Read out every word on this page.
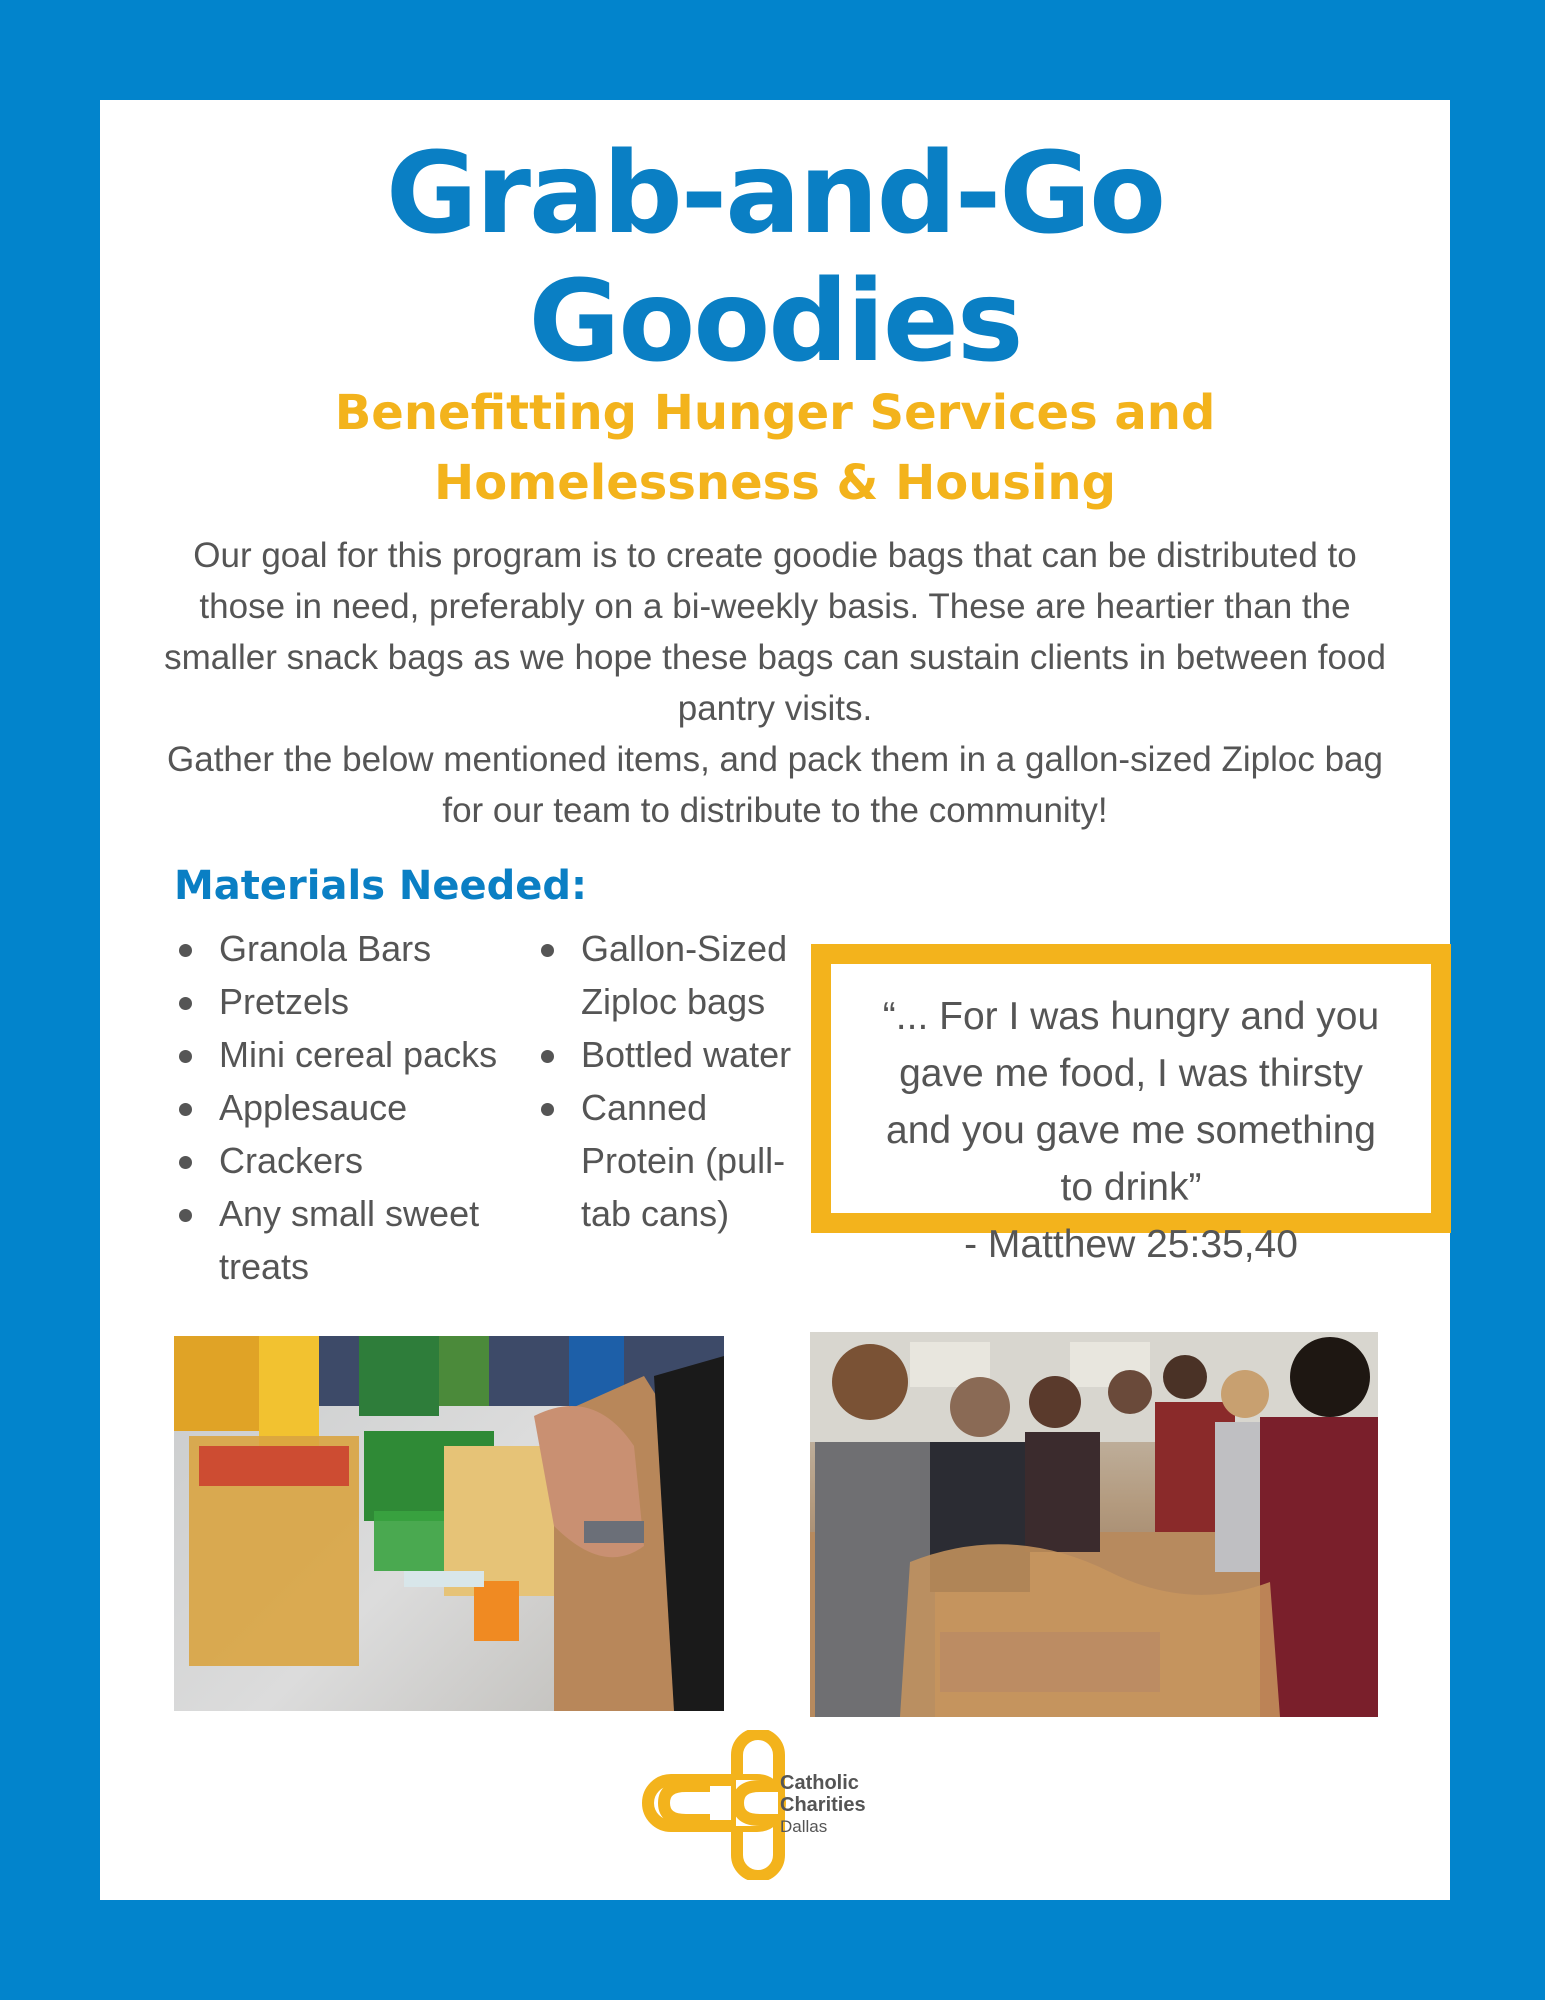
Grab-and-Go
Goodies
Benefitting Hunger Services and
Homelessness & Housing

Our goal for this program is to create goodie bags that can be distributed to those in need, preferably on a bi-weekly basis. These are heartier than the smaller snack bags as we hope these bags can sustain clients in between food pantry visits.

Gather the below mentioned items, and pack them in a gallon-sized Ziploc bag for our team to distribute to the community!

Materials Needed:
Granola Bars
Pretzels
Mini cereal packs
Applesauce
Crackers
Any small sweet treats
Gallon-Sized Ziploc bags
Bottled water
Canned Protein (pull-tab cans)
“... For I was hungry and you
gave me food, I was thirsty
and you gave me something
to drink”
- Matthew 25:35,40
Catholic
Charities
Dallas
